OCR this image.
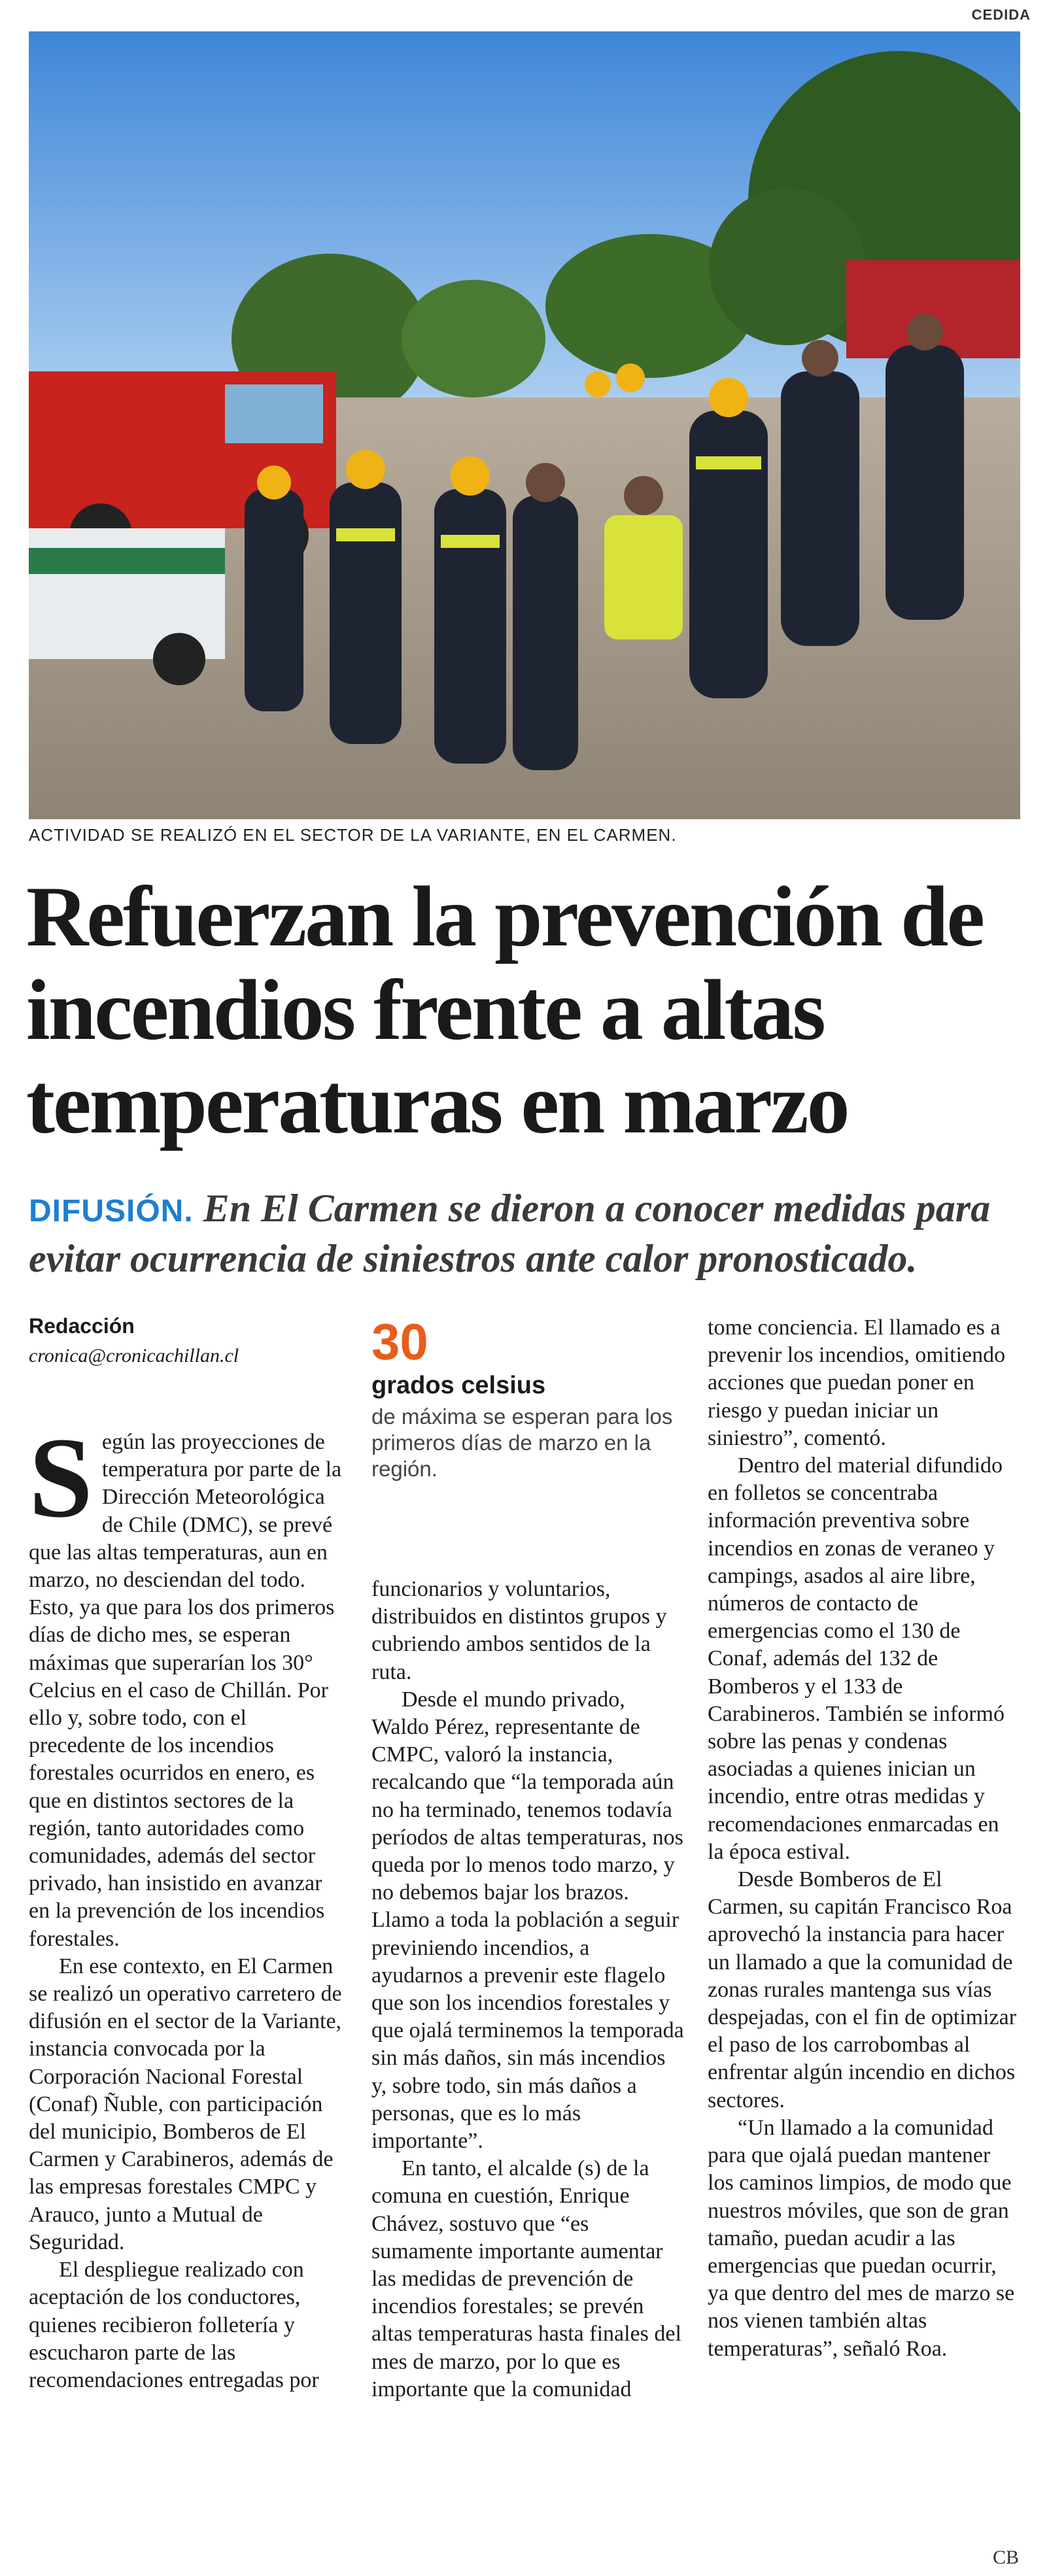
CEDIDA
ACTIVIDAD SE REALIZÓ EN EL SECTOR DE LA VARIANTE, EN EL CARMEN.
Refuerzan la prevención de incendios frente a altas temperaturas en marzo
DIFUSIÓN. En El Carmen se dieron a conocer medidas para evitar ocurrencia de siniestros ante calor pronosticado.
Redacción
cronica@cronicachillan.cl	30
grados celsius
de máxima se esperan para los primeros días de marzo en la región.

Según las proyecciones de temperatura por parte de la Dirección Meteorológica de Chile (DMC), se prevé que las altas temperaturas, aun en marzo, no desciendan del todo. Esto, ya que para los dos primeros días de dicho mes, se esperan máximas que superarían los 30° Celcius en el caso de Chillán. Por ello y, sobre todo, con el precedente de los incendios forestales ocurridos en enero, es que en distintos sectores de la región, tanto autoridades como comunidades, además del sector privado, han insistido en avanzar en la prevención de los incendios forestales.

En ese contexto, en El Carmen se realizó un operativo carretero de difusión en el sector de la Variante, instancia convocada por la Corporación Nacional Forestal (Conaf) Ñuble, con participación del municipio, Bomberos de El Carmen y Carabineros, además de las empresas forestales CMPC y Arauco, junto a Mutual de Seguridad.

El despliegue realizado con aceptación de los conductores, quienes recibieron folletería y escucharon parte de las recomendaciones entregadas por

funcionarios y voluntarios, distribuidos en distintos grupos y cubriendo ambos sentidos de la ruta.

Desde el mundo privado, Waldo Pérez, representante de CMPC, valoró la instancia, recalcando que “la temporada aún no ha terminado, tenemos todavía períodos de altas temperaturas, nos queda por lo menos todo marzo, y no debemos bajar los brazos. Llamo a toda la población a seguir previniendo incendios, a ayudarnos a prevenir este flagelo que son los incendios forestales y que ojalá terminemos la temporada sin más daños, sin más incendios y, sobre todo, sin más daños a personas, que es lo más importante”.

En tanto, el alcalde (s) de la comuna en cuestión, Enrique Chávez, sostuvo que “es sumamente importante aumentar las medidas de prevención de incendios forestales; se prevén altas temperaturas hasta finales del mes de marzo, por lo que es importante que la comunidad

tome conciencia. El llamado es a prevenir los incendios, omitiendo acciones que puedan poner en riesgo y puedan iniciar un siniestro”, comentó.

Dentro del material difundido en folletos se concentraba información preventiva sobre incendios en zonas de veraneo y campings, asados al aire libre, números de contacto de emergencias como el 130 de Conaf, además del 132 de Bomberos y el 133 de Carabineros. También se informó sobre las penas y condenas asociadas a quienes inician un incendio, entre otras medidas y recomendaciones enmarcadas en la época estival.

Desde Bomberos de El Carmen, su capitán Francisco Roa aprovechó la instancia para hacer un llamado a que la comunidad de zonas rurales mantenga sus vías despejadas, con el fin de optimizar el paso de los carrobombas al enfrentar algún incendio en dichos sectores.

“Un llamado a la comunidad para que ojalá puedan mantener los caminos limpios, de modo que nuestros móviles, que son de gran tamaño, puedan acudir a las emergencias que puedan ocurrir, ya que dentro del mes de marzo se nos vienen también altas temperaturas”, señaló Roa.

CB
